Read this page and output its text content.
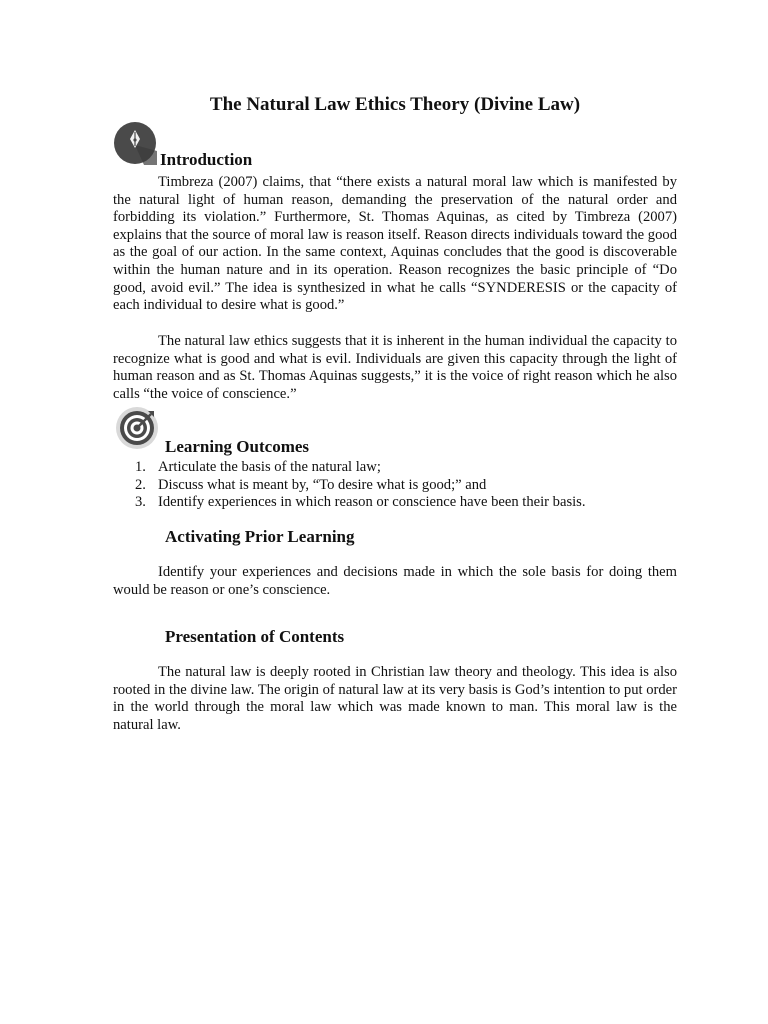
The Natural Law Ethics Theory (Divine Law)
Introduction

Timbreza (2007) claims, that “there exists a natural moral law which is manifested by the natural light of human reason, demanding the preservation of the natural order and forbidding its violation.” Furthermore, St. Thomas Aquinas, as cited by Timbreza (2007) explains that the source of moral law is reason itself. Reason directs individuals toward the good as the goal of our action. In the same context, Aquinas concludes that the good is discoverable within the human nature and in its operation. Reason recognizes the basic principle of “Do good, avoid evil.” The idea is synthesized in what he calls “SYNDERESIS or the capacity of each individual to desire what is good.”

The natural law ethics suggests that it is inherent in the human individual the capacity to recognize what is good and what is evil. Individuals are given this capacity through the light of human reason and as St. Thomas Aquinas suggests,” it is the voice of right reason which he also calls “the voice of conscience.”

Learning Outcomes
1. Articulate the basis of the natural law;
2. Discuss what is meant by, “To desire what is good;” and
3. Identify experiences in which reason or conscience have been their basis.
Activating Prior Learning

Identify your experiences and decisions made in which the sole basis for doing them would be reason or one’s conscience.

Presentation of Contents

The natural law is deeply rooted in Christian law theory and theology. This idea is also rooted in the divine law. The origin of natural law at its very basis is God’s intention to put order in the world through the moral law which was made known to man. This moral law is the natural law.
